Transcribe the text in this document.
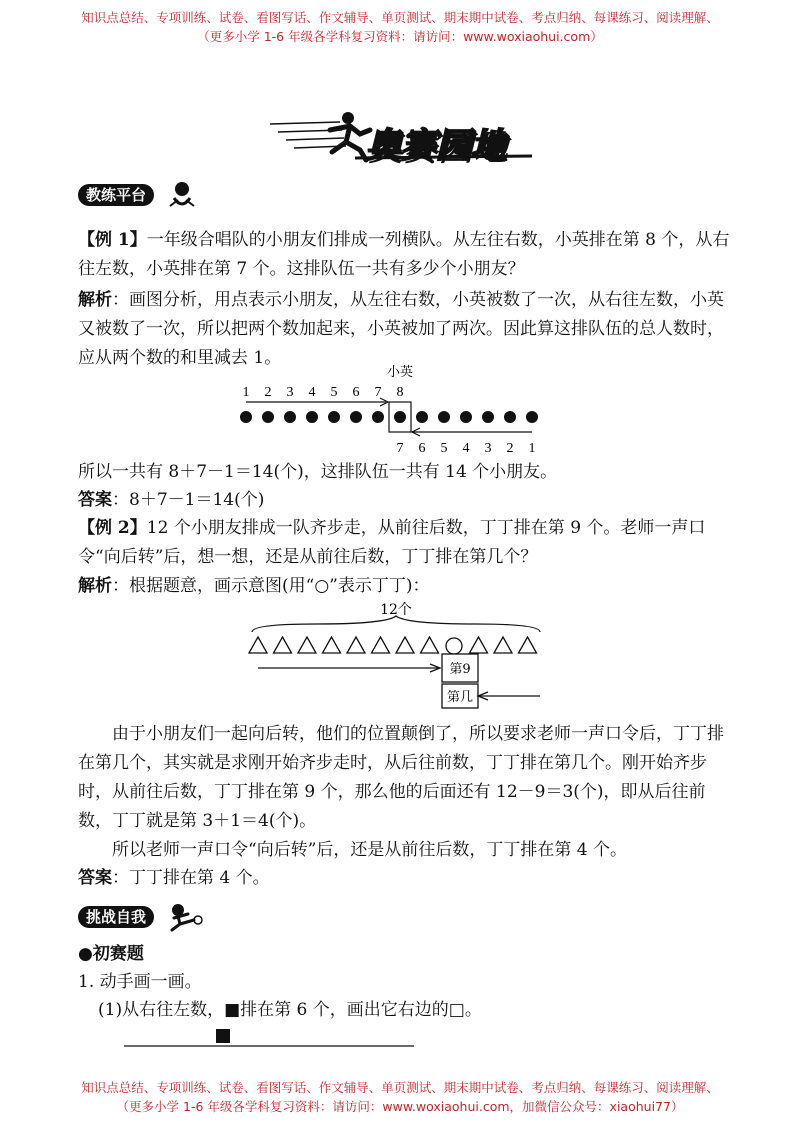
知识点总结、专项训练、试卷、看图写话、作文辅导、单页测试、期末期中试卷、考点归纳、每课练习、阅读理解、
（更多小学 1-6 年级各学科复习资料：请访问：www.woxiaohui.com）
奥赛园地
教练平台

【例 1】一年级合唱队的小朋友们排成一列横队。从左往右数，小英排在第 8 个，从右往左数，小英排在第 7 个。这排队伍一共有多少个小朋友？

解析：画图分析，用点表示小朋友，从左往右数，小英被数了一次，从右往左数，小英又被数了一次，所以把两个数加起来，小英被加了两次。因此算这排队伍的总人数时，应从两个数的和里减去 1。

小英
1 2 3 4 5 6 7 8
7 6 5 4 3 2 1

所以一共有 8＋7－1＝14(个)，这排队伍一共有 14 个小朋友。

答案：8＋7－1＝14(个)

【例 2】12 个小朋友排成一队齐步走，从前往后数，丁丁排在第 9 个。老师一声口令“向后转”后，想一想，还是从前往后数，丁丁排在第几个？

解析：根据题意，画示意图(用“○”表示丁丁)：

12个
第9
第几

由于小朋友们一起向后转，他们的位置颠倒了，所以要求老师一声口令后，丁丁排在第几个，其实就是求刚开始齐步走时，从后往前数，丁丁排在第几个。刚开始齐步时，从前往后数，丁丁排在第 9 个，那么他的后面还有 12－9＝3(个)，即从后往前数，丁丁就是第 3＋1＝4(个)。

所以老师一声口令“向后转”后，还是从前往后数，丁丁排在第 4 个。

答案：丁丁排在第 4 个。

挑战自我

●初赛题

1. 动手画一画。

(1)从右往左数，■排在第 6 个，画出它右边的□。

知识点总结、专项训练、试卷、看图写话、作文辅导、单页测试、期末期中试卷、考点归纳、每课练习、阅读理解、
（更多小学 1-6 年级各学科复习资料：请访问：www.woxiaohui.com，加微信公众号：xiaohui77）
